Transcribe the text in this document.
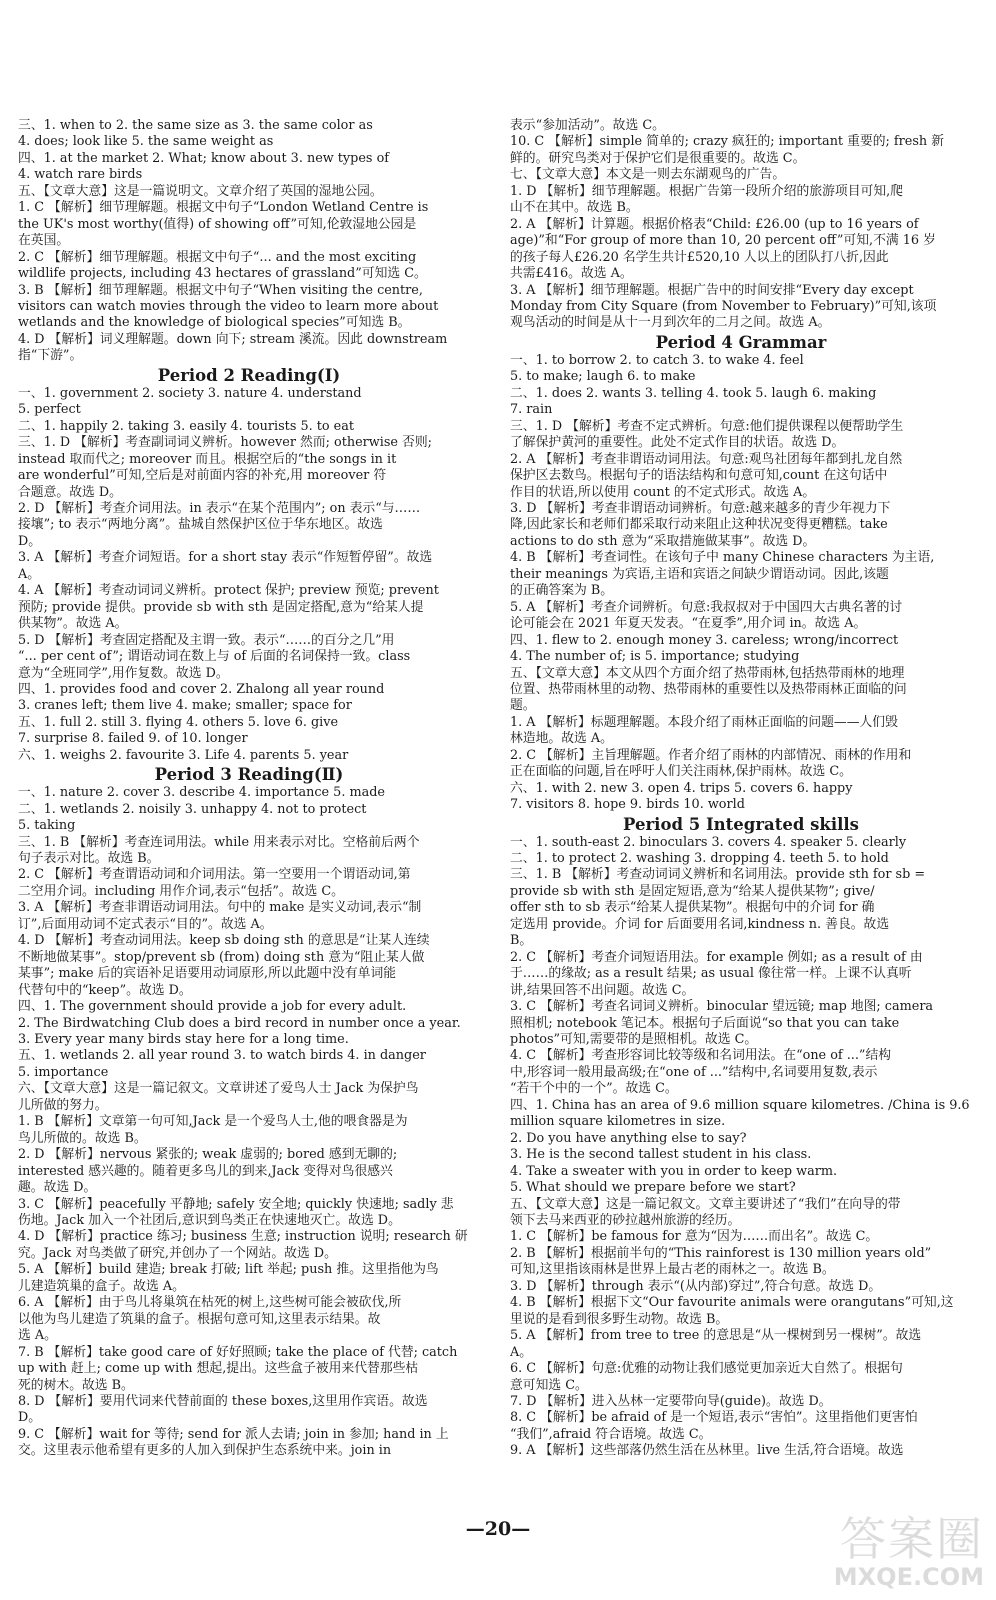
三、1. when to 2. the same size as 3. the same color as
4. does; look like 5. the same weight as
四、1. at the market 2. What; know about 3. new types of
4. watch rare birds
五、【文章大意】这是一篇说明文。文章介绍了英国的湿地公园。
1. C 【解析】细节理解题。根据文中句子“London Wetland Centre is
the UK's most worthy(值得) of showing off”可知,伦敦湿地公园是
在英国。
2. C 【解析】细节理解题。根据文中句子“... and the most exciting
wildlife projects, including 43 hectares of grassland”可知选 C。
3. B 【解析】细节理解题。根据文中句子“When visiting the centre,
visitors can watch movies through the video to learn more about
wetlands and the knowledge of biological species”可知选 B。
4. D 【解析】词义理解题。down 向下; stream 溪流。因此 downstream
指“下游”。
Period 2 Reading(Ⅰ)
一、1. government 2. society 3. nature 4. understand
5. perfect
二、1. happily 2. taking 3. easily 4. tourists 5. to eat
三、1. D 【解析】考查副词词义辨析。however 然而; otherwise 否则;
instead 取而代之; moreover 而且。根据空后的“the songs in it
are wonderful”可知,空后是对前面内容的补充,用 moreover 符
合题意。故选 D。
2. D 【解析】考查介词用法。in 表示“在某个范围内”; on 表示“与……
接壤”; to 表示“两地分离”。盐城自然保护区位于华东地区。故选
D。
3. A 【解析】考查介词短语。for a short stay 表示“作短暂停留”。故选
A。
4. A 【解析】考查动词词义辨析。protect 保护; preview 预览; prevent
预防; provide 提供。provide sb with sth 是固定搭配,意为“给某人提
供某物”。故选 A。
5. D 【解析】考查固定搭配及主谓一致。表示“……的百分之几”用
“... per cent of”; 谓语动词在数上与 of 后面的名词保持一致。class
意为“全班同学”,用作复数。故选 D。
四、1. provides food and cover 2. Zhalong all year round
3. cranes left; them live 4. make; smaller; space for
五、1. full 2. still 3. flying 4. others 5. love 6. give
7. surprise 8. failed 9. of 10. longer
六、1. weighs 2. favourite 3. Life 4. parents 5. year
Period 3 Reading(Ⅱ)
一、1. nature 2. cover 3. describe 4. importance 5. made
二、1. wetlands 2. noisily 3. unhappy 4. not to protect
5. taking
三、1. B 【解析】考查连词用法。while 用来表示对比。空格前后两个
句子表示对比。故选 B。
2. C 【解析】考查谓语动词和介词用法。第一空要用一个谓语动词,第
二空用介词。including 用作介词,表示“包括”。故选 C。
3. A 【解析】考查非谓语动词用法。句中的 make 是实义动词,表示“制
订”,后面用动词不定式表示“目的”。故选 A。
4. D 【解析】考查动词用法。keep sb doing sth 的意思是“让某人连续
不断地做某事”。stop/prevent sb (from) doing sth 意为“阻止某人做
某事”; make 后的宾语补足语要用动词原形,所以此题中没有单词能
代替句中的“keep”。故选 D。
四、1. The government should provide a job for every adult.
2. The Birdwatching Club does a bird record in number once a year.
3. Every year many birds stay here for a long time.
五、1. wetlands 2. all year round 3. to watch birds 4. in danger
5. importance
六、【文章大意】这是一篇记叙文。文章讲述了爱鸟人士 Jack 为保护鸟
儿所做的努力。
1. B 【解析】文章第一句可知,Jack 是一个爱鸟人士,他的喂食器是为
鸟儿所做的。故选 B。
2. D 【解析】nervous 紧张的; weak 虚弱的; bored 感到无聊的;
interested 感兴趣的。随着更多鸟儿的到来,Jack 变得对鸟很感兴
趣。故选 D。
3. C 【解析】peacefully 平静地; safely 安全地; quickly 快速地; sadly 悲
伤地。Jack 加入一个社团后,意识到鸟类正在快速地灭亡。故选 D。
4. D 【解析】practice 练习; business 生意; instruction 说明; research 研
究。Jack 对鸟类做了研究,并创办了一个网站。故选 D。
5. A 【解析】build 建造; break 打破; lift 举起; push 推。这里指他为鸟
儿建造筑巢的盒子。故选 A。
6. A 【解析】由于鸟儿将巢筑在枯死的树上,这些树可能会被砍伐,所
以他为鸟儿建造了筑巢的盒子。根据句意可知,这里表示结果。故
选 A。
7. B 【解析】take good care of 好好照顾; take the place of 代替; catch
up with 赶上; come up with 想起,提出。这些盒子被用来代替那些枯
死的树木。故选 B。
8. D 【解析】要用代词来代替前面的 these boxes,这里用作宾语。故选
D。
9. C 【解析】wait for 等待; send for 派人去请; join in 参加; hand in 上
交。这里表示他希望有更多的人加入到保护生态系统中来。join in
表示“参加活动”。故选 C。
10. C 【解析】simple 简单的; crazy 疯狂的; important 重要的; fresh 新
鲜的。研究鸟类对于保护它们是很重要的。故选 C。
七、【文章大意】本文是一则去东湖观鸟的广告。
1. D 【解析】细节理解题。根据广告第一段所介绍的旅游项目可知,爬
山不在其中。故选 B。
2. A 【解析】计算题。根据价格表“Child: £26.00 (up to 16 years of
age)”和“For group of more than 10, 20 percent off”可知,不满 16 岁
的孩子每人£26.20 名学生共计£520,10 人以上的团队打八折,因此
共需£416。故选 A。
3. A 【解析】细节理解题。根据广告中的时间安排“Every day except
Monday from City Square (from November to February)”可知,该项
观鸟活动的时间是从十一月到次年的二月之间。故选 A。
Period 4 Grammar
一、1. to borrow 2. to catch 3. to wake 4. feel
5. to make; laugh 6. to make
二、1. does 2. wants 3. telling 4. took 5. laugh 6. making
7. rain
三、1. D 【解析】考查不定式辨析。句意:他们提供课程以便帮助学生
了解保护黄河的重要性。此处不定式作目的状语。故选 D。
2. A 【解析】考查非谓语动词用法。句意:观鸟社团每年都到扎龙自然
保护区去数鸟。根据句子的语法结构和句意可知,count 在这句话中
作目的状语,所以使用 count 的不定式形式。故选 A。
3. D 【解析】考查非谓语动词辨析。句意:越来越多的青少年视力下
降,因此家长和老师们都采取行动来阻止这种状况变得更糟糕。take
actions to do sth 意为“采取措施做某事”。故选 D。
4. B 【解析】考查词性。在该句子中 many Chinese characters 为主语,
their meanings 为宾语,主语和宾语之间缺少谓语动词。因此,该题
的正确答案为 B。
5. A 【解析】考查介词辨析。句意:我叔叔对于中国四大古典名著的讨
论可能会在 2021 年夏天发表。“在夏季”,用介词 in。故选 A。
四、1. flew to 2. enough money 3. careless; wrong/incorrect
4. The number of; is 5. importance; studying
五、【文章大意】本文从四个方面介绍了热带雨林,包括热带雨林的地理
位置、热带雨林里的动物、热带雨林的重要性以及热带雨林正面临的问
题。
1. A 【解析】标题理解题。本段介绍了雨林正面临的问题——人们毁
林造地。故选 A。
2. C 【解析】主旨理解题。作者介绍了雨林的内部情况、雨林的作用和
正在面临的问题,旨在呼吁人们关注雨林,保护雨林。故选 C。
六、1. with 2. new 3. open 4. trips 5. covers 6. happy
7. visitors 8. hope 9. birds 10. world
Period 5 Integrated skills
一、1. south-east 2. binoculars 3. covers 4. speaker 5. clearly
二、1. to protect 2. washing 3. dropping 4. teeth 5. to hold
三、1. B 【解析】考查动词词义辨析和名词用法。provide sth for sb =
provide sb with sth 是固定短语,意为“给某人提供某物”; give/
offer sth to sb 表示“给某人提供某物”。根据句中的介词 for 确
定选用 provide。介词 for 后面要用名词,kindness n. 善良。故选
B。
2. C 【解析】考查介词短语用法。for example 例如; as a result of 由
于……的缘故; as a result 结果; as usual 像往常一样。上课不认真听
讲,结果回答不出问题。故选 C。
3. C 【解析】考查名词词义辨析。binocular 望远镜; map 地图; camera
照相机; notebook 笔记本。根据句子后面说“so that you can take
photos”可知,需要带的是照相机。故选 C。
4. C 【解析】考查形容词比较等级和名词用法。在“one of ...”结构
中,形容词一般用最高级;在“one of ...”结构中,名词要用复数,表示
“若干个中的一个”。故选 C。
四、1. China has an area of 9.6 million square kilometres. /China is 9.6
million square kilometres in size.
2. Do you have anything else to say?
3. He is the second tallest student in his class.
4. Take a sweater with you in order to keep warm.
5. What should we prepare before we start?
五、【文章大意】这是一篇记叙文。文章主要讲述了“我们”在向导的带
领下去马来西亚的砂拉越州旅游的经历。
1. C 【解析】be famous for 意为“因为……而出名”。故选 C。
2. B 【解析】根据前半句的“This rainforest is 130 million years old”
可知,这里指该雨林是世界上最古老的雨林之一。故选 B。
3. D 【解析】through 表示“(从内部)穿过”,符合句意。故选 D。
4. B 【解析】根据下文“Our favourite animals were orangutans”可知,这
里说的是看到很多野生动物。故选 B。
5. A 【解析】from tree to tree 的意思是“从一棵树到另一棵树”。故选
A。
6. C 【解析】句意:优雅的动物让我们感觉更加亲近大自然了。根据句
意可知选 C。
7. D 【解析】进入丛林一定要带向导(guide)。故选 D。
8. C 【解析】be afraid of 是一个短语,表示“害怕”。这里指他们更害怕
“我们”,afraid 符合语境。故选 C。
9. A 【解析】这些部落仍然生活在丛林里。live 生活,符合语境。故选
—20—	答案圈
MXQE.COM
